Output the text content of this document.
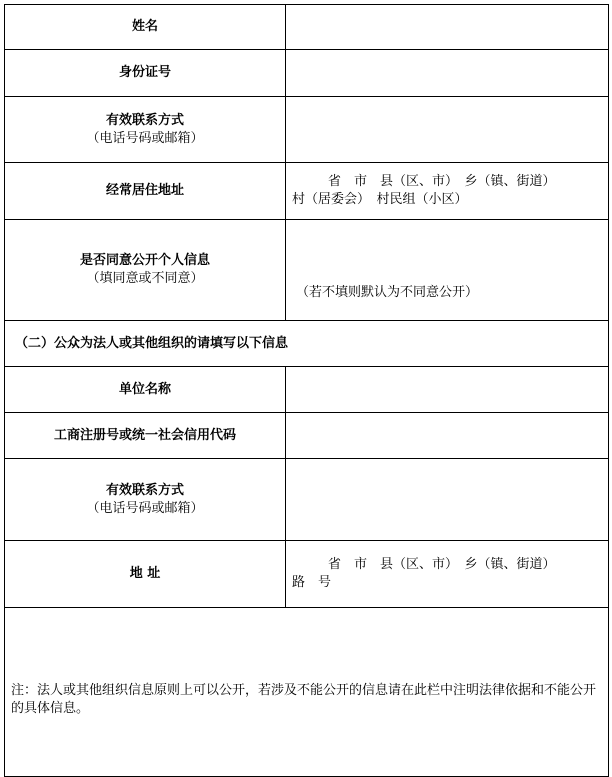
姓名	

身份证号	

有效联系方式
（电话号码或邮箱）	

经常居住地址	省　市　县（区、市）　乡（镇、街道）
村（居委会）　村民组（小区）

是否同意公开个人信息
（填同意或不同意）	（若不填则默认为不同意公开）

（二）公众为法人或其他组织的请填写以下信息	

单位名称	

工商注册号或统一社会信用代码	

有效联系方式
（电话号码或邮箱）	

地 址	省　市　县（区、市）　乡（镇、街道）
路　号

注：法人或其他组织信息原则上可以公开，若涉及不能公开的信息请在此栏中注明法律依据和不能公开的具体信息。	
